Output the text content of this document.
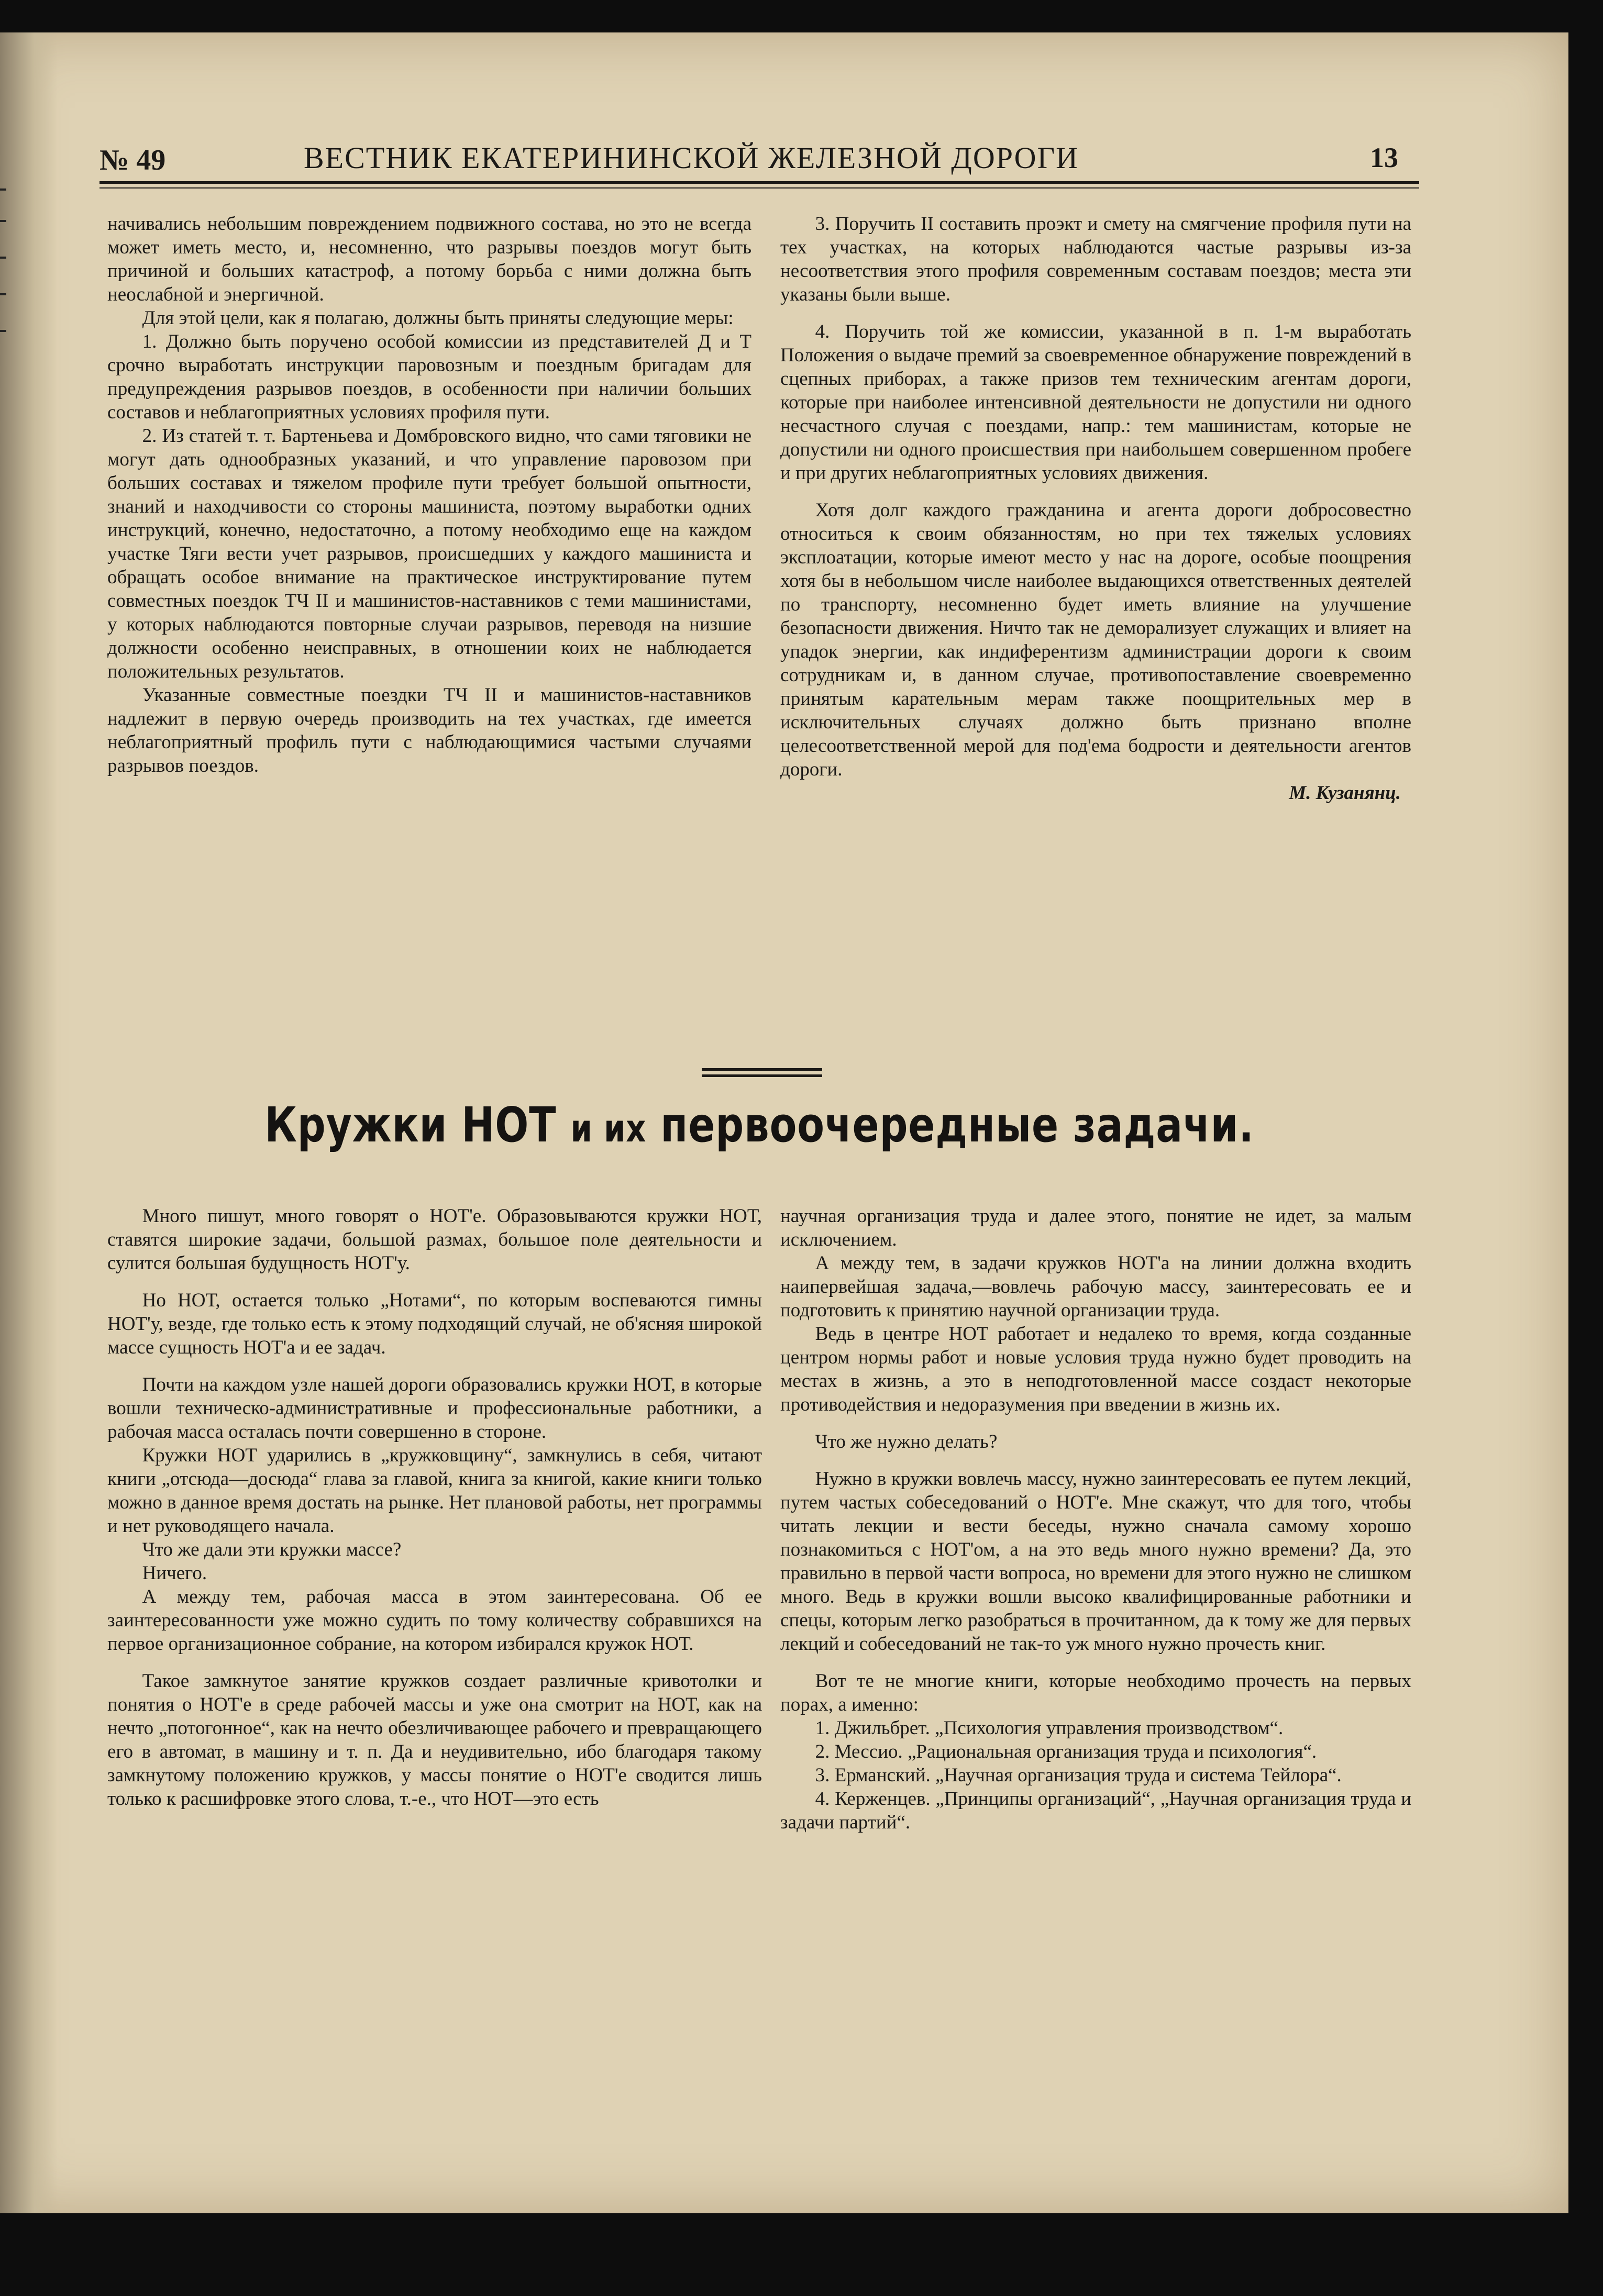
№ 49	ВЕСТНИК ЕКАТЕРИНИНСКОЙ ЖЕЛЕЗНОЙ ДОРОГИ	13

начивались небольшим повреждением подвижного состава, но это не всегда может иметь место, и, несомненно, что разрывы поездов могут быть причиной и больших катастроф, а потому борьба с ними должна быть неослабной и энергичной.

Для этой цели, как я полагаю, должны быть приняты следующие меры:

1. Должно быть поручено особой комиссии из представителей Д и Т срочно выработать инструкции паровозным и поездным бригадам для предупреждения разрывов поездов, в особенности при наличии больших составов и неблагоприятных условиях профиля пути.

2. Из статей т. т. Бартеньева и Домбровского видно, что сами тяговики не могут дать однообразных указаний, и что управление паровозом при больших составах и тяжелом профиле пути требует большой опытности, знаний и находчивости со стороны машиниста, поэтому выработки одних инструкций, конечно, недостаточно, а потому необходимо еще на каждом участке Тяги вести учет разрывов, происшедших у каждого машиниста и обращать особое внимание на практическое инструктирование путем совместных поездок ТЧ II и машинистов-наставников с теми машинистами, у которых наблюдаются повторные случаи разрывов, переводя на низшие должности особенно неисправных, в отношении коих не наблюдается положительных результатов.

Указанные совместные поездки ТЧ II и машинистов-наставников надлежит в первую очередь производить на тех участках, где имеется неблагоприятный профиль пути с наблюдающимися частыми случаями разрывов поездов.

3. Поручить II составить проэкт и смету на смягчение профиля пути на тех участках, на которых наблюдаются частые разрывы из-за несоответствия этого профиля современным составам поездов; места эти указаны были выше.

4. Поручить той же комиссии, указанной в п. 1-м выработать Положения о выдаче премий за своевременное обнаружение повреждений в сцепных приборах, а также призов тем техническим агентам дороги, которые при наиболее интенсивной деятельности не допустили ни одного несчастного случая с поездами, напр.: тем машинистам, которые не допустили ни одного происшествия при наибольшем совершенном пробеге и при других неблагоприятных условиях движения.

Хотя долг каждого гражданина и агента дороги добросовестно относиться к своим обязанностям, но при тех тяжелых условиях эксплоатации, которые имеют место у нас на дороге, особые поощрения хотя бы в небольшом числе наиболее выдающихся ответственных деятелей по транспорту, несомненно будет иметь влияние на улучшение безопасности движения. Ничто так не деморализует служащих и влияет на упадок энергии, как индиферентизм администрации дороги к своим сотрудникам и, в данном случае, противопоставление своевременно принятым карательным мерам также поощрительных мер в исключительных случаях должно быть признано вполне целесоответственной мерой для под'ема бодрости и деятельности агентов дороги.

М. Кузанянц.

Кружки НОТ и их первоочередные задачи.

Много пишут, много говорят о НОТ'е. Образовываются кружки НОТ, ставятся широкие задачи, большой размах, большое поле деятельности и сулится большая будущность НОТ'у.

Но НОТ, остается только „Нотами“, по которым воспеваются гимны НОТ'у, везде, где только есть к этому подходящий случай, не об'ясняя широкой массе сущность НОТ'а и ее задач.

Почти на каждом узле нашей дороги образовались кружки НОТ, в которые вошли техническо-административные и профессиональные работники, а рабочая масса осталась почти совершенно в стороне.

Кружки НОТ ударились в „кружковщину“, замкнулись в себя, читают книги „отсюда—досюда“ глава за главой, книга за книгой, какие книги только можно в данное время достать на рынке. Нет плановой работы, нет программы и нет руководящего начала.

Что же дали эти кружки массе?

Ничего.

А между тем, рабочая масса в этом заинтересована. Об ее заинтересованности уже можно судить по тому количеству собравшихся на первое организационное собрание, на котором избирался кружок НОТ.

Такое замкнутое занятие кружков создает различные кривотолки и понятия о НОТ'е в среде рабочей массы и уже она смотрит на НОТ, как на нечто „потогонное“, как на нечто обезличивающее рабочего и превращающего его в автомат, в машину и т. п. Да и неудивительно, ибо благодаря такому замкнутому положению кружков, у массы понятие о НОТ'е сводится лишь только к расшифровке этого слова, т.-е., что НОТ—это есть

научная организация труда и далее этого, понятие не идет, за малым исключением.

А между тем, в задачи кружков НОТ'а на линии должна входить наипервейшая задача,—вовлечь рабочую массу, заинтересовать ее и подготовить к принятию научной организации труда.

Ведь в центре НОТ работает и недалеко то время, когда созданные центром нормы работ и новые условия труда нужно будет проводить на местах в жизнь, а это в неподготовленной массе создаст некоторые противодействия и недоразумения при введении в жизнь их.

Что же нужно делать?

Нужно в кружки вовлечь массу, нужно заинтересовать ее путем лекций, путем частых собеседований о НОТ'е. Мне скажут, что для того, чтобы читать лекции и вести беседы, нужно сначала самому хорошо познакомиться с НОТ'ом, а на это ведь много нужно времени? Да, это правильно в первой части вопроса, но времени для этого нужно не слишком много. Ведь в кружки вошли высоко квалифицированные работники и спецы, которым легко разобраться в прочитанном, да к тому же для первых лекций и собеседований не так-то уж много нужно прочесть книг.

Вот те не многие книги, которые необходимо прочесть на первых порах, а именно:

1. Джильбрет. „Психология управления производством“.

2. Мессио. „Рациональная организация труда и психология“.

3. Ерманский. „Научная организация труда и система Тейлора“.

4. Керженцев. „Принципы организаций“, „Научная организация труда и задачи партий“.
